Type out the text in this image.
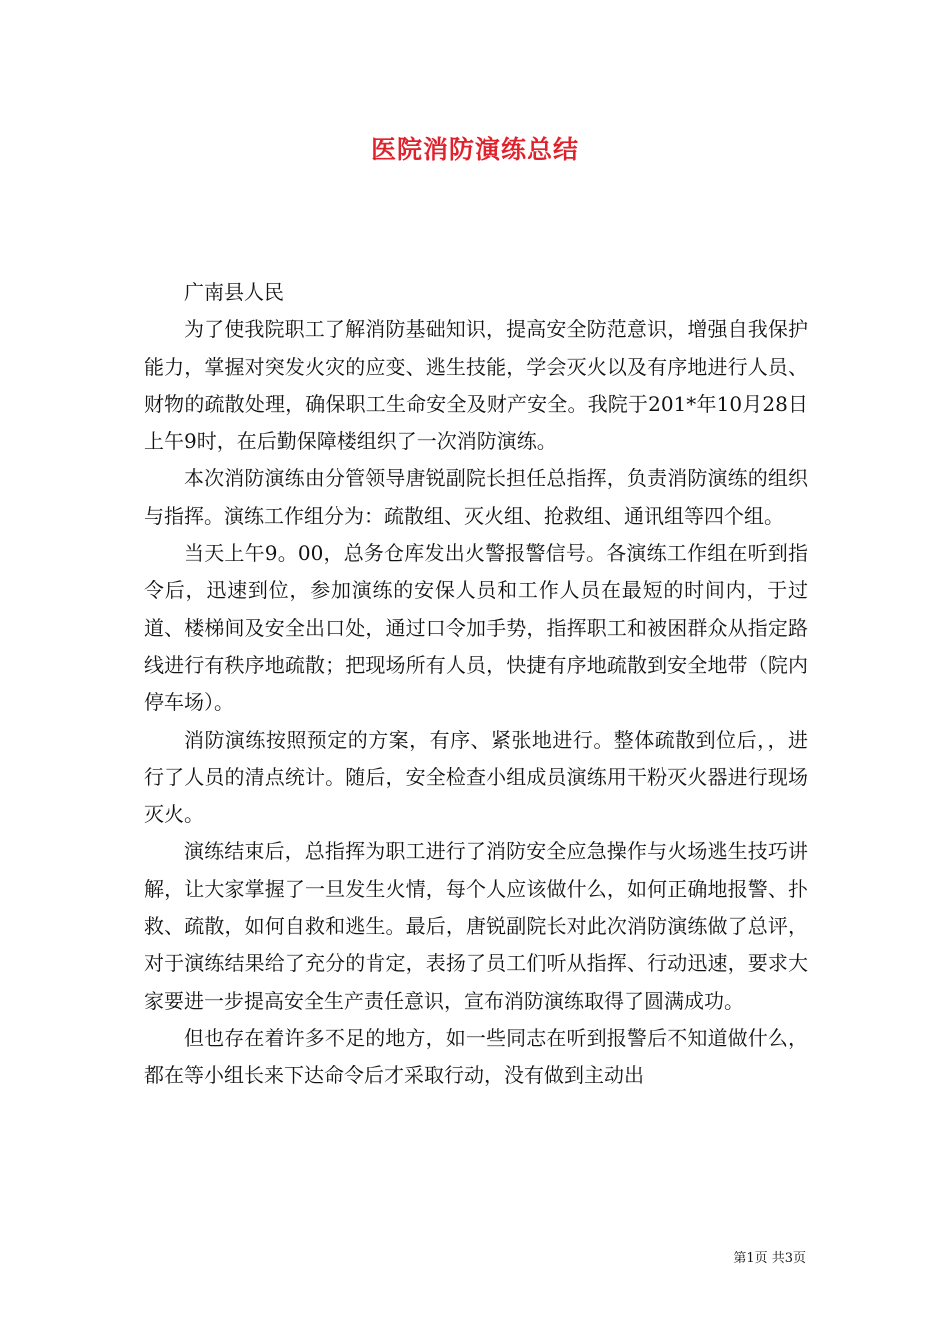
医院消防演练总结

广南县人民

为了使我院职工了解消防基础知识，提高安全防范意识，增强自我保护能力，掌握对突发火灾的应变、逃生技能，学会灭火以及有序地进行人员、财物的疏散处理，确保职工生命安全及财产安全。我院于201*年10月28日上午9时，在后勤保障楼组织了一次消防演练。

本次消防演练由分管领导唐锐副院长担任总指挥，负责消防演练的组织与指挥。演练工作组分为：疏散组、灭火组、抢救组、通讯组等四个组。

当天上午9。00，总务仓库发出火警报警信号。各演练工作组在听到指令后，迅速到位，参加演练的安保人员和工作人员在最短的时间内，于过道、楼梯间及安全出口处，通过口令加手势，指挥职工和被困群众从指定路线进行有秩序地疏散；把现场所有人员，快捷有序地疏散到安全地带（院内停车场）。

消防演练按照预定的方案，有序、紧张地进行。整体疏散到位后，，进行了人员的清点统计。随后，安全检查小组成员演练用干粉灭火器进行现场灭火。

演练结束后，总指挥为职工进行了消防安全应急操作与火场逃生技巧讲解，让大家掌握了一旦发生火情，每个人应该做什么，如何正确地报警、扑救、疏散，如何自救和逃生。最后，唐锐副院长对此次消防演练做了总评，对于演练结果给了充分的肯定，表扬了员工们听从指挥、行动迅速，要求大家要进一步提高安全生产责任意识，宣布消防演练取得了圆满成功。

但也存在着许多不足的地方，如一些同志在听到报警后不知道做什么，都在等小组长来下达命令后才采取行动，没有做到主动出

第1页 共3页
